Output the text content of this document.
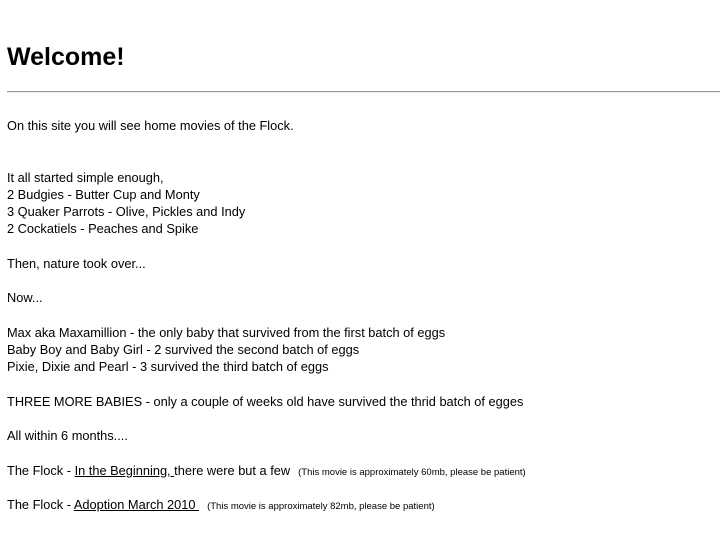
Welcome!

On this site you will see home movies of the Flock.

It all started simple enough,

2 Budgies - Butter Cup and Monty

3 Quaker Parrots - Olive, Pickles and Indy

2 Cockatiels - Peaches and Spike

Then, nature took over...

Now...

Max aka Maxamillion - the only baby that survived from the first batch of eggs

Baby Boy and Baby Girl - 2 survived the second batch of eggs

Pixie, Dixie and Pearl - 3 survived the third batch of eggs

THREE MORE BABIES - only a couple of weeks old have survived the thrid batch of egges

All within 6 months....

The Flock - In the Beginning, there were but a few (This movie is approximately 60mb, please be patient)

The Flock - Adoption March 2010 (This movie is approximately 82mb, please be patient)
